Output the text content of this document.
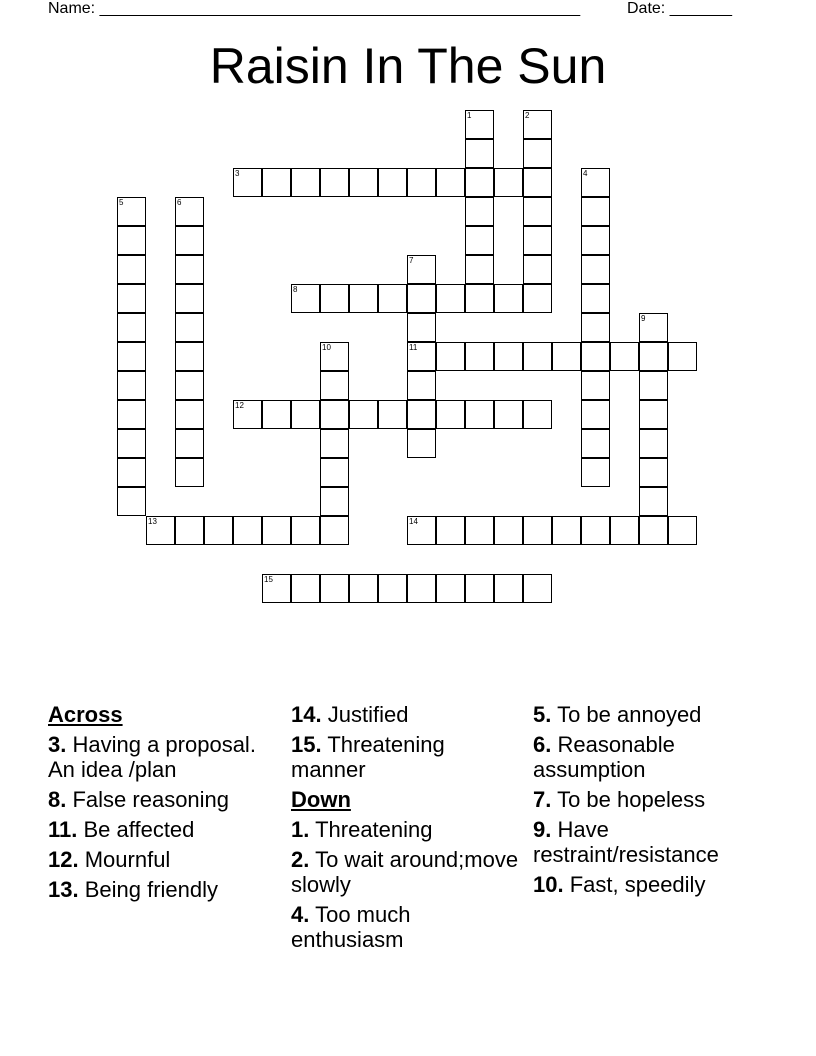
Name: ______________________________________________________	Date: _______
Raisin In The Sun
3
8
11
12
13	14
15
1	2
4
5	6
7
9
10
Across
3. Having a proposal. An idea /plan
8. False reasoning
11. Be affected
12. Mournful
13. Being friendly
14. Justified
15. Threatening manner
Down
1. Threatening
2. To wait around;move slowly
4. Too much enthusiasm
5. To be annoyed
6. Reasonable assumption
7. To be hopeless
9. Have restraint/resistance
10. Fast, speedily
